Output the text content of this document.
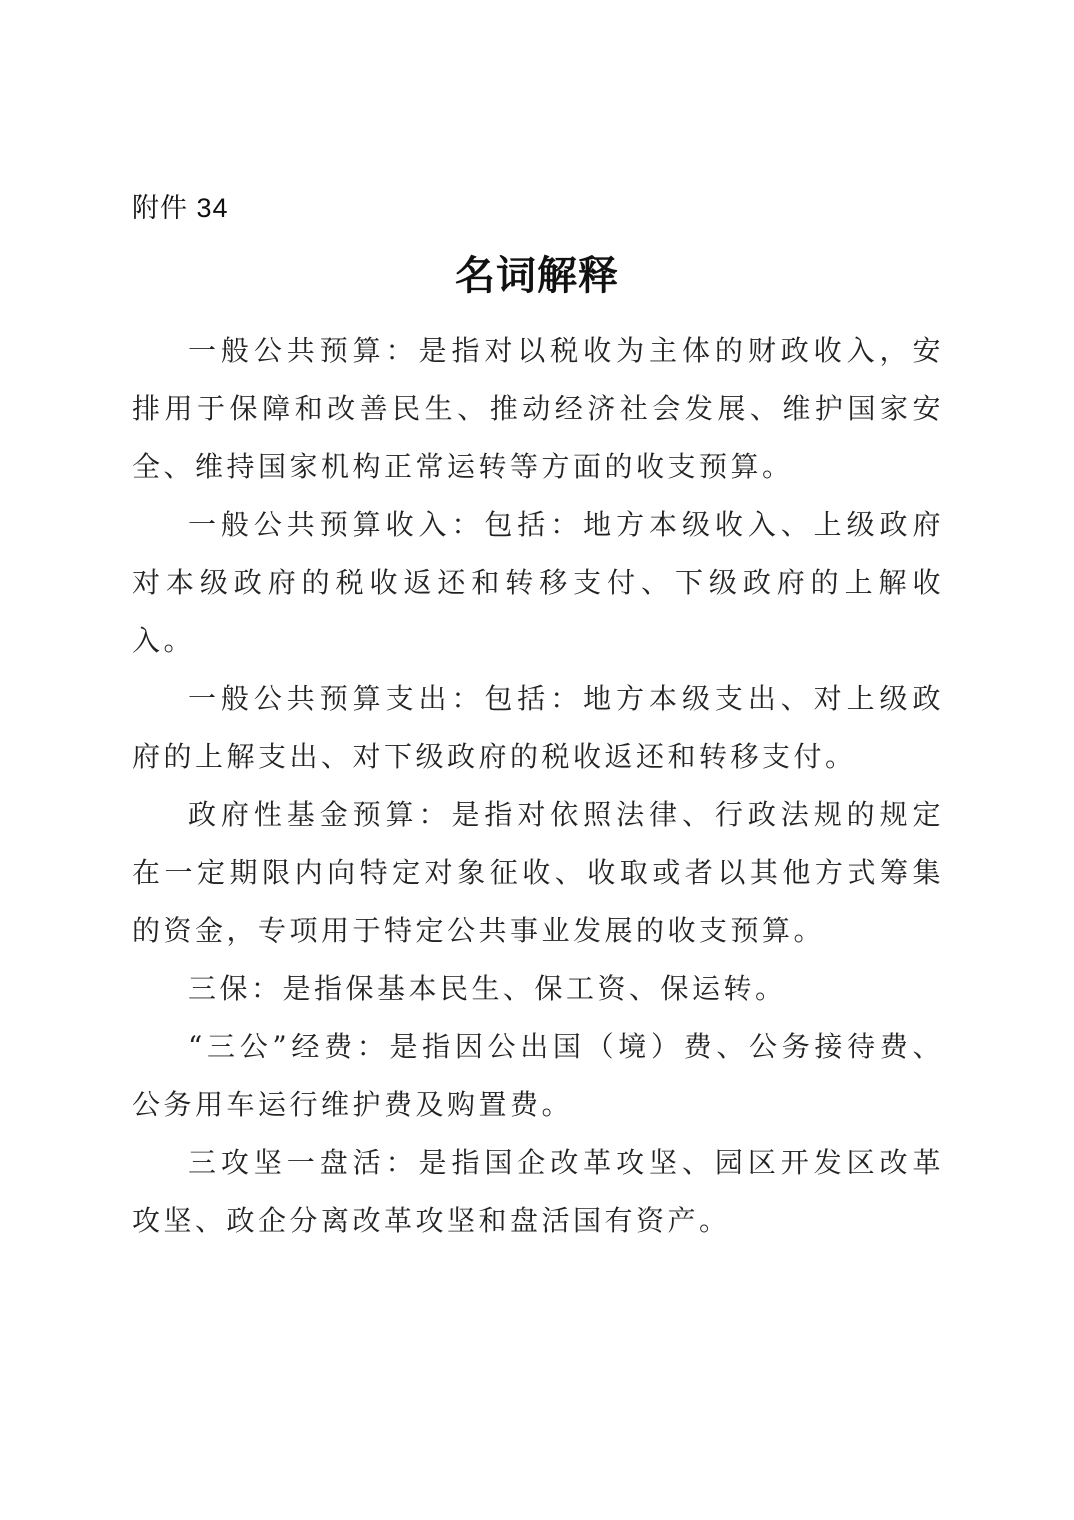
附件 34
名词解释

一般公共预算：是指对以税收为主体的财政收入，安排用于保障和改善民生、推动经济社会发展、维护国家安全、维持国家机构正常运转等方面的收支预算。

一般公共预算收入：包括：地方本级收入、上级政府对本级政府的税收返还和转移支付、下级政府的上解收入。

一般公共预算支出：包括：地方本级支出、对上级政府的上解支出、对下级政府的税收返还和转移支付。

政府性基金预算：是指对依照法律、行政法规的规定在一定期限内向特定对象征收、收取或者以其他方式筹集的资金，专项用于特定公共事业发展的收支预算。

三保：是指保基本民生、保工资、保运转。

“三公”经费：是指因公出国（境）费、公务接待费、公务用车运行维护费及购置费。

三攻坚一盘活：是指国企改革攻坚、园区开发区改革攻坚、政企分离改革攻坚和盘活国有资产。
